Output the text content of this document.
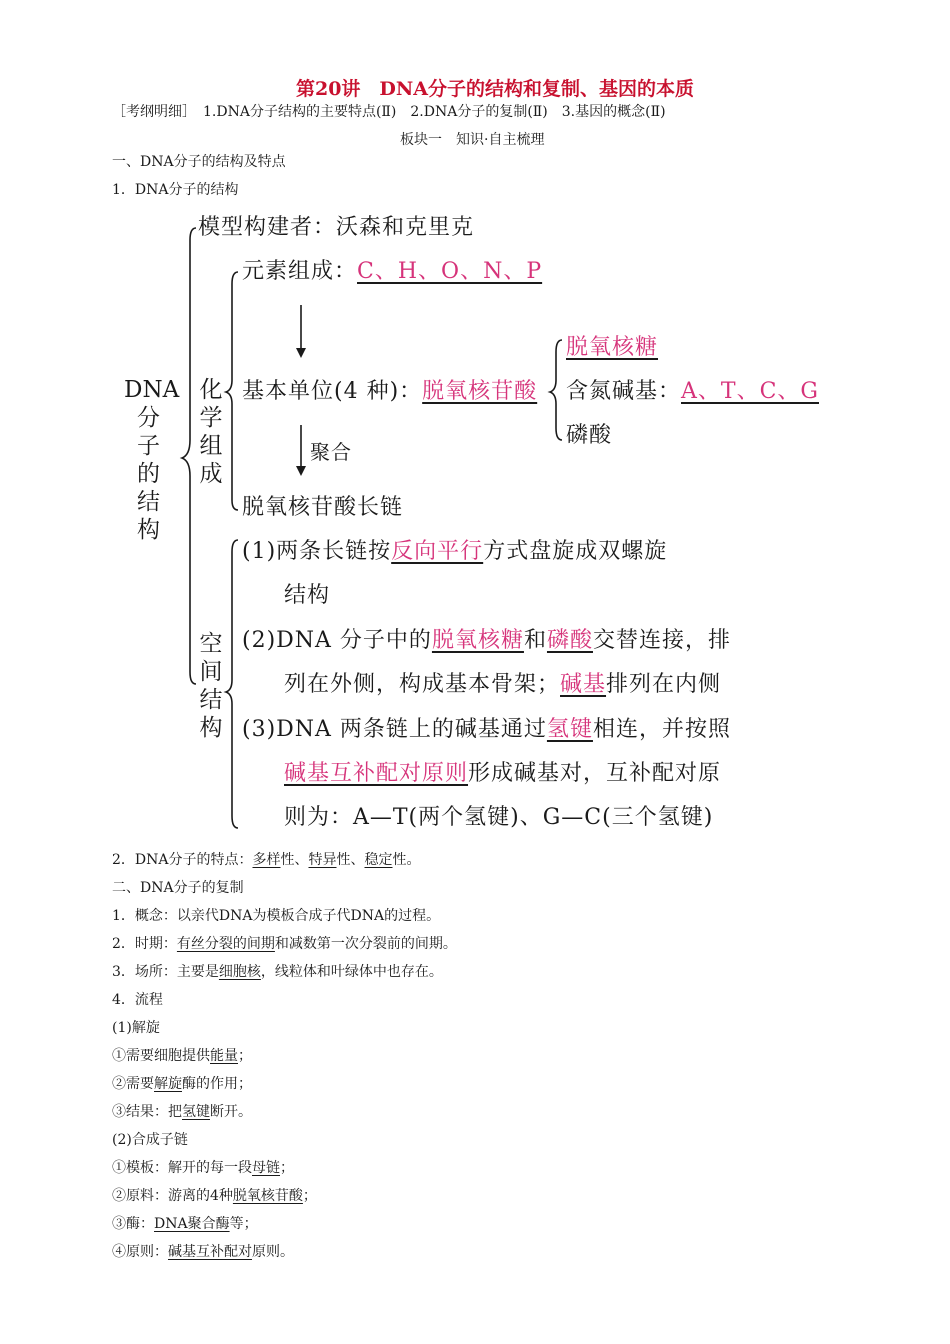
第20讲　DNA分子的结构和复制、基因的本质
［考纲明细］　1.DNA分子结构的主要特点(Ⅱ)　2.DNA分子的复制(Ⅱ)　3.基因的概念(Ⅱ)
板块一　知识·自主梳理
一、DNA分子的结构及特点
1．DNA分子的结构
DNA
分子的结构
模型构建者：沃森和克里克
化学组成
元素组成：C、H、O、N、P
基本单位(4 种)：脱氧核苷酸
脱氧核糖
含氮碱基：A、T、C、G
磷酸
聚合
脱氧核苷酸长链
空间结构
(1)两条长链按反向平行方式盘旋成双螺旋
结构
(2)DNA 分子中的脱氧核糖和磷酸交替连接，排
列在外侧，构成基本骨架；碱基排列在内侧
(3)DNA 两条链上的碱基通过氢键相连，并按照
碱基互补配对原则形成碱基对，互补配对原
则为：A—T(两个氢键)、G—C(三个氢键)
2．DNA分子的特点：多样性、特异性、稳定性。
二、DNA分子的复制
1．概念：以亲代DNA为模板合成子代DNA的过程。
2．时期：有丝分裂的间期和减数第一次分裂前的间期。
3．场所：主要是细胞核，线粒体和叶绿体中也存在。
4．流程
(1)解旋
①需要细胞提供能量；
②需要解旋酶的作用；
③结果：把氢键断开。
(2)合成子链
①模板：解开的每一段母链；
②原料：游离的4种脱氧核苷酸；
③酶：DNA聚合酶等；
④原则：碱基互补配对原则。
